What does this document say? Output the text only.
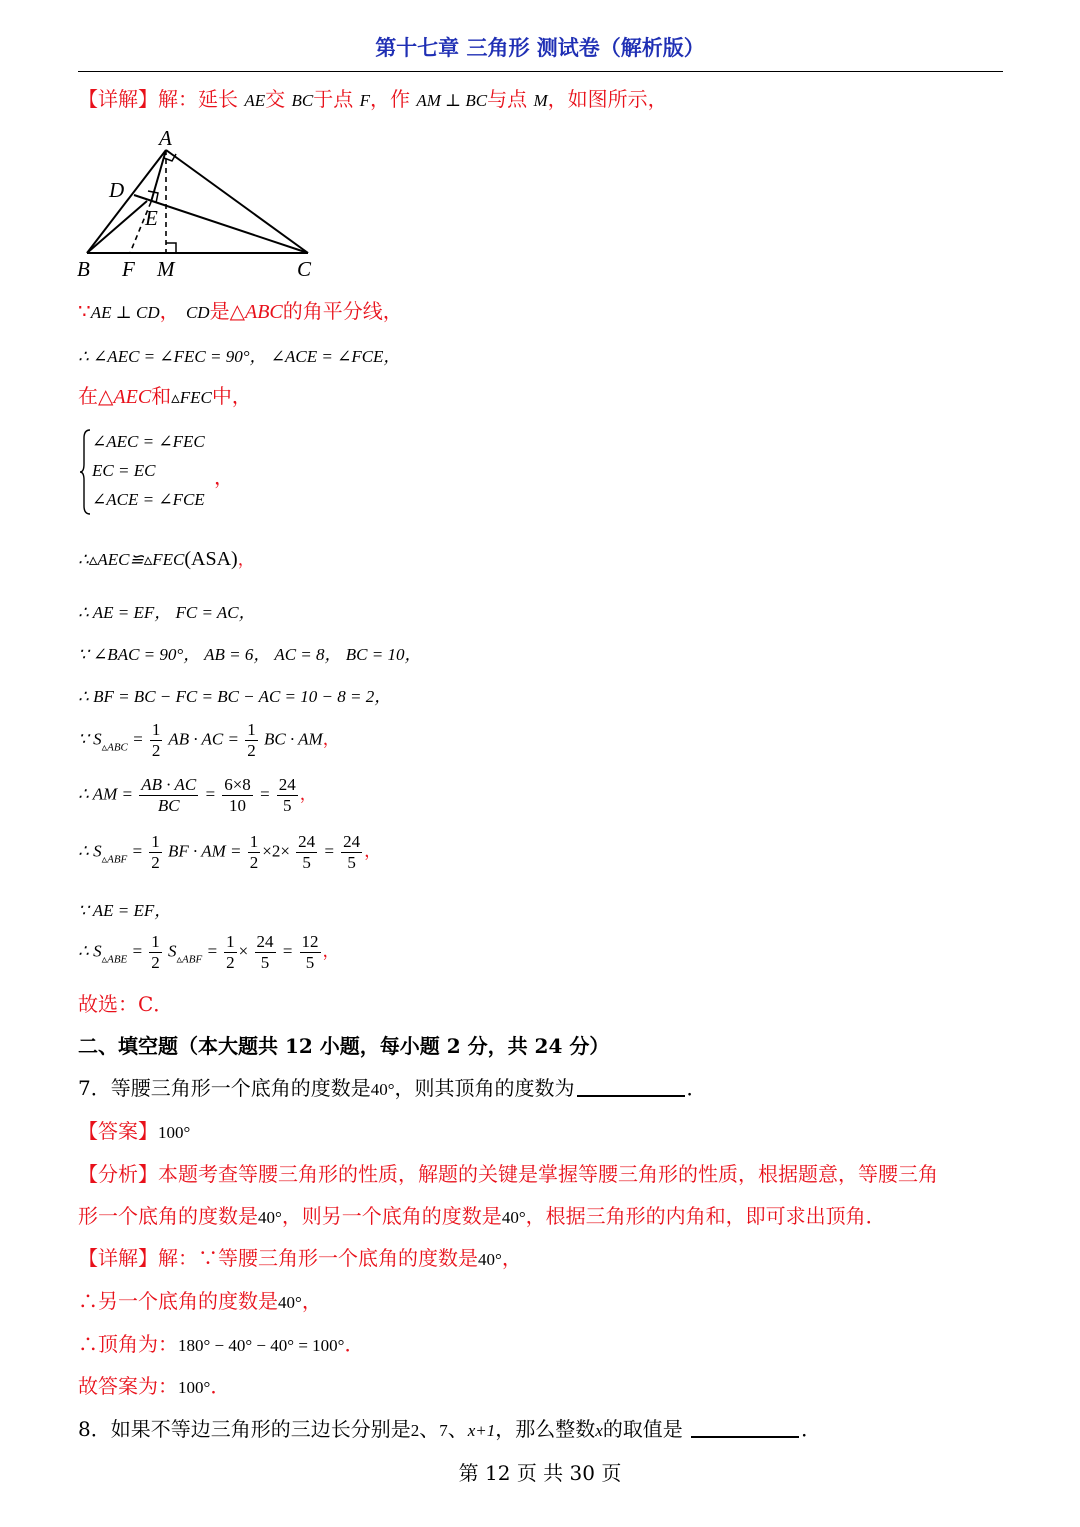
第十七章 三角形 测试卷（解析版）
【详解】解：延长 AE交 BC于点 F，作 AM ⊥ BC与点 M，如图所示，
A
D
E
B F M	C
∵AE ⊥ CD， CD是△ABC的角平分线，
∴ ∠AEC = ∠FEC = 90°， ∠ACE = ∠FCE，
在△AEC和▵FEC中，
∠AEC = ∠FEC
EC = EC
∠ACE = ∠FCE
，
∴▵AEC≌▵FEC(ASA)，
∴ AE = EF， FC = AC，
∵ ∠BAC = 90°， AB = 6， AC = 8， BC = 10，
∴ BF = BC − FC = BC − AC = 10 − 8 = 2，
∵ $S_{▵ABC} = \frac{1}{2}$ AB · AC = $\frac{1}{2}$ BC · AM，
∴ AM = $\frac{AB \cdot AC}{BC} = \frac{6\times 8}{10} = \frac{24}{5}$ ，
∴ $S_{▵ABF} = \frac{1}{2}$ BF · AM = $\frac{1}{2} \times 2\times \frac{24}{5} = \frac{24}{5}$ ，
∵ AE = EF，
∴ $S_{▵ABE} = \frac{1}{2} S_{▵ABF} = \frac{1}{2} \times \frac{24}{5} = \frac{12}{5}$ ，
故选：C．
二、填空题（本大题共 12 小题，每小题 2 分，共 24 分）
7．等腰三角形一个底角的度数是40°，则其顶角的度数为	．
【答案】100°
【分析】本题考查等腰三角形的性质，解题的关键是掌握等腰三角形的性质，根据题意，等腰三角
形一个底角的度数是40°，则另一个底角的度数是40°，根据三角形的内角和，即可求出顶角．
【详解】解：∵等腰三角形一个底角的度数是40°，
∴另一个底角的度数是40°，
∴顶角为：180° − 40° − 40° = 100°．
故答案为：100°．
8．如果不等边三角形的三边长分别是2、7、x+1，那么整数x的取值是	．
第 12 页 共 30 页
